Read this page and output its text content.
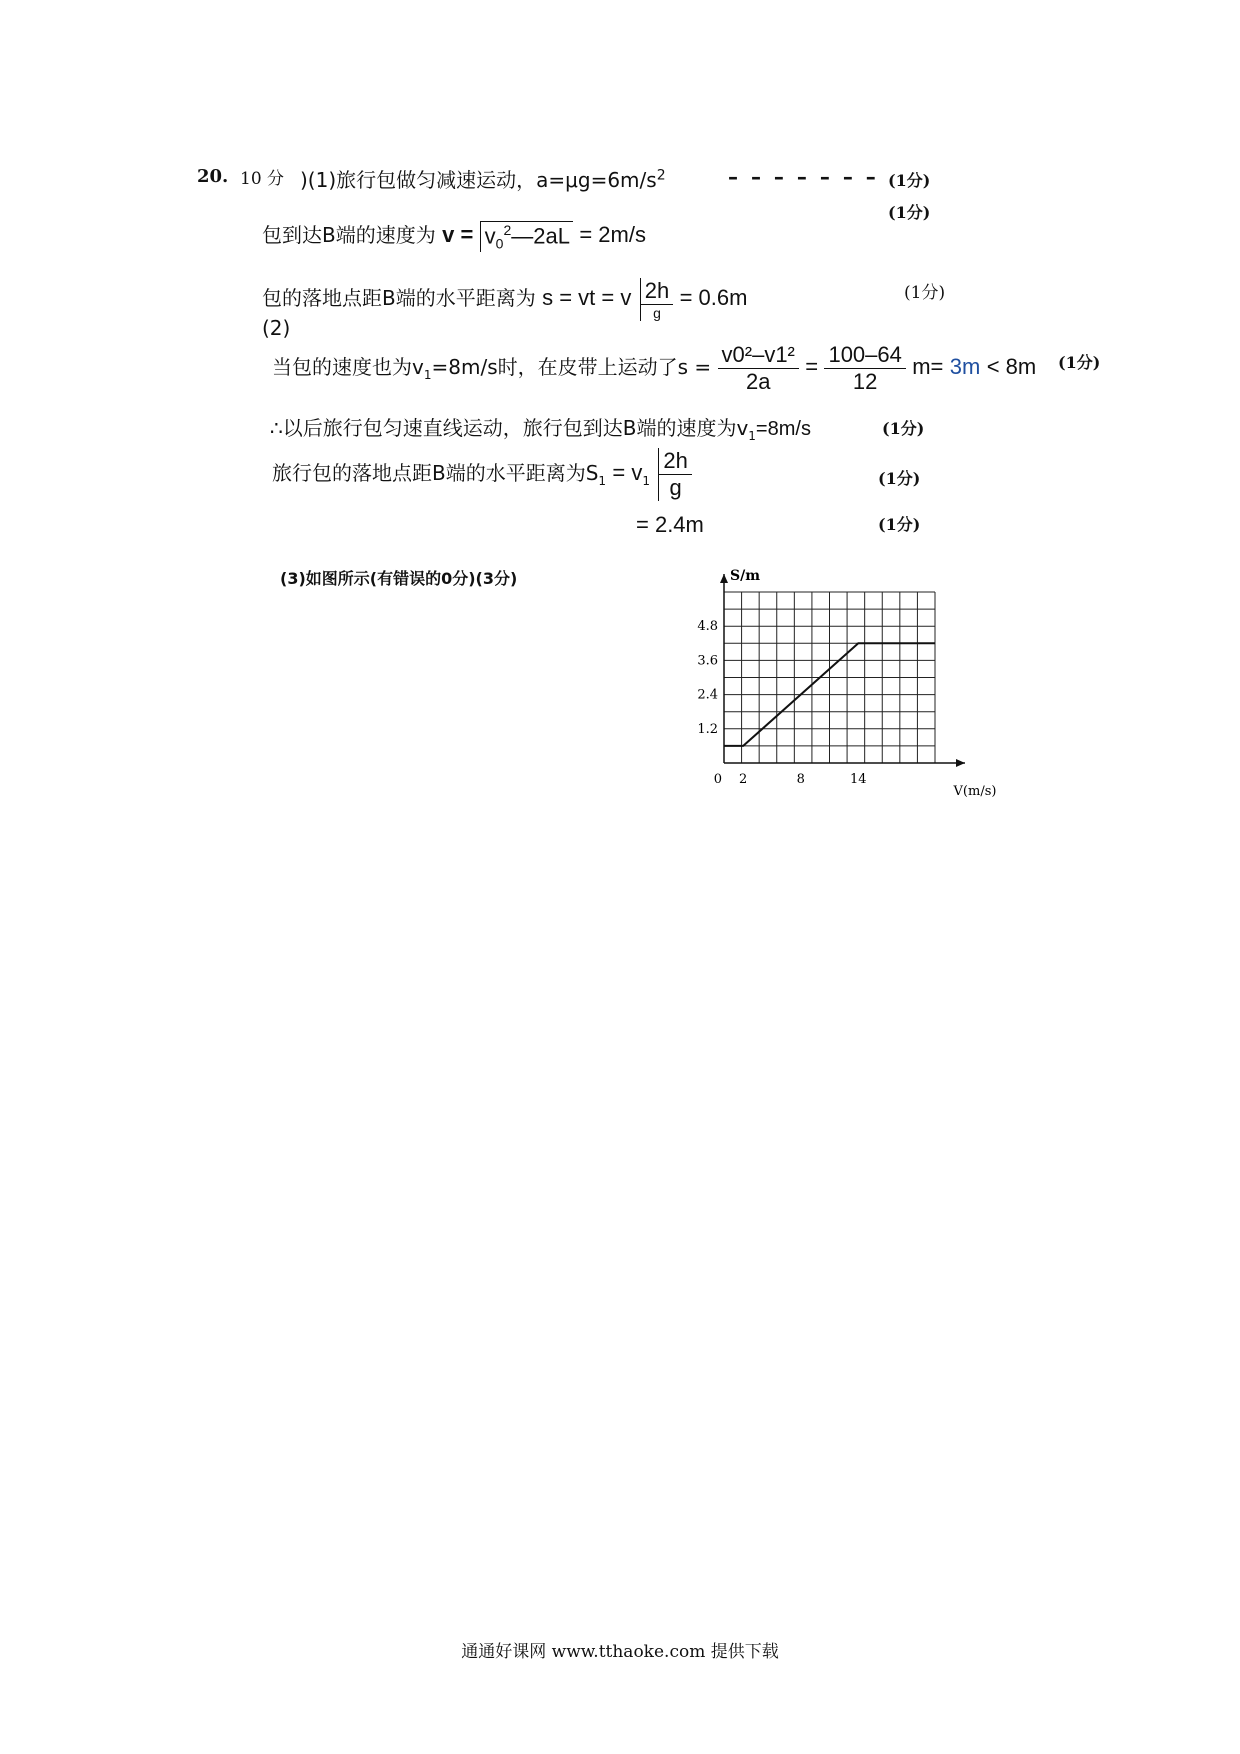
20. 10 分 )(1)旅行包做匀减速运动，$a=\mu g=6m/s^2$	– – – – – – – (1分)
(1分)
包到达B端的速度为 $v = v_0^2—2aL = 2m/s$
包的落地点距B端的水平距离为 s = vt = v $\frac{2h}{g} = 0.6m$	(1分)
(2)
当包的速度也为$v_1=8m/s$时，在皮带上运动了$s = \frac{\text{v0²–v1²}}{2a} = \frac{100-64}{12} m= 3m < 8m$ (1分)
∴以后旅行包匀速直线运动，旅行包到达B端的速度为$v_1=8m/s$	(1分)
旅行包的落地点距B端的水平距离为$S_1 = v_1 \frac{2h}{g}$	(1分)
= 2.4m	(1分)
(3)如图所示(有错误的0分)(3分)
2	8	14
1.2
2.4
3.6
4.8
0
S/m
V(m/s)
通通好课网 www.tthaoke.com 提供下载
